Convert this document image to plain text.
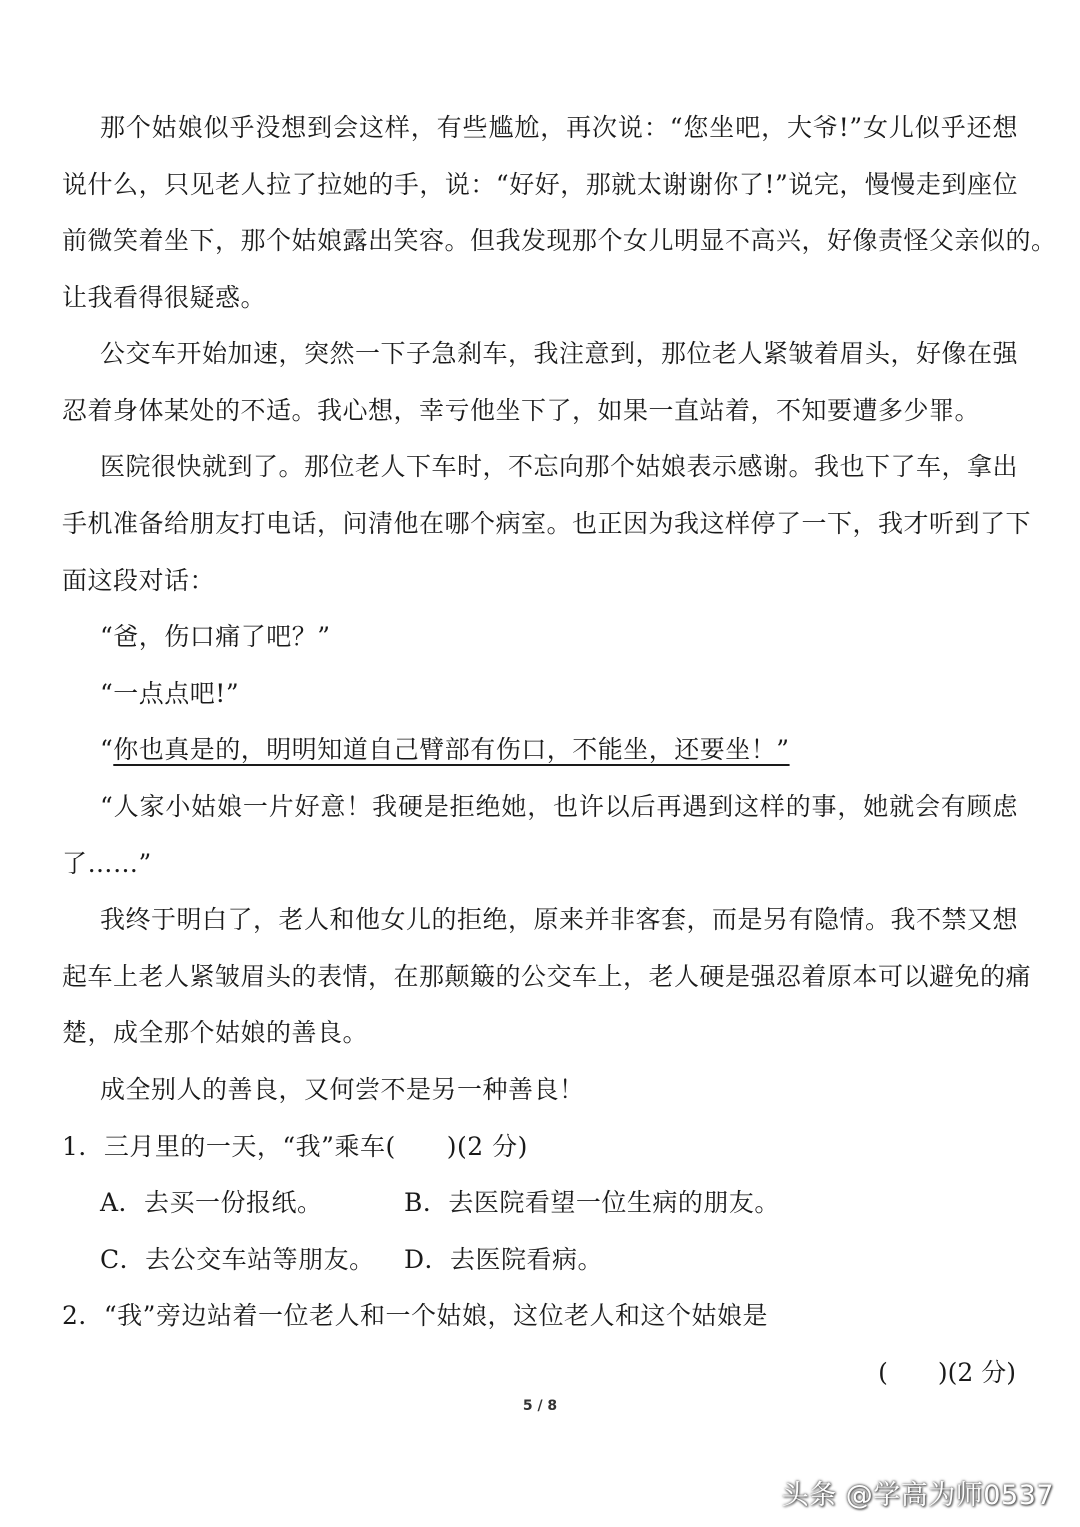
那个姑娘似乎没想到会这样，有些尴尬，再次说：“您坐吧，大爷!”女儿似乎还想
说什么，只见老人拉了拉她的手，说：“好好，那就太谢谢你了!”说完，慢慢走到座位
前微笑着坐下，那个姑娘露出笑容。但我发现那个女儿明显不高兴，好像责怪父亲似的。
让我看得很疑惑。
公交车开始加速，突然一下子急刹车，我注意到，那位老人紧皱着眉头，好像在强
忍着身体某处的不适。我心想，幸亏他坐下了，如果一直站着，不知要遭多少罪。
医院很快就到了。那位老人下车时，不忘向那个姑娘表示感谢。我也下了车，拿出
手机准备给朋友打电话，问清他在哪个病室。也正因为我这样停了一下，我才听到了下
面这段对话：
“爸，伤口痛了吧？”
“一点点吧!”
“你也真是的，明明知道自己臂部有伤口，不能坐，还要坐！”
“人家小姑娘一片好意！我硬是拒绝她，也许以后再遇到这样的事，她就会有顾虑
了……”
我终于明白了，老人和他女儿的拒绝，原来并非客套，而是另有隐情。我不禁又想
起车上老人紧皱眉头的表情，在那颠簸的公交车上，老人硬是强忍着原本可以避免的痛
楚，成全那个姑娘的善良。
成全别人的善良，又何尝不是另一种善良！
1．三月里的一天，“我”乘车(　　)(2 分)
A．去买一份报纸。	B．去医院看望一位生病的朋友。
C．去公交车站等朋友。 D．去医院看病。
2．“我”旁边站着一位老人和一个姑娘，这位老人和这个姑娘是
(　　)(2 分)
5 / 8
头条 @学高为师0537
